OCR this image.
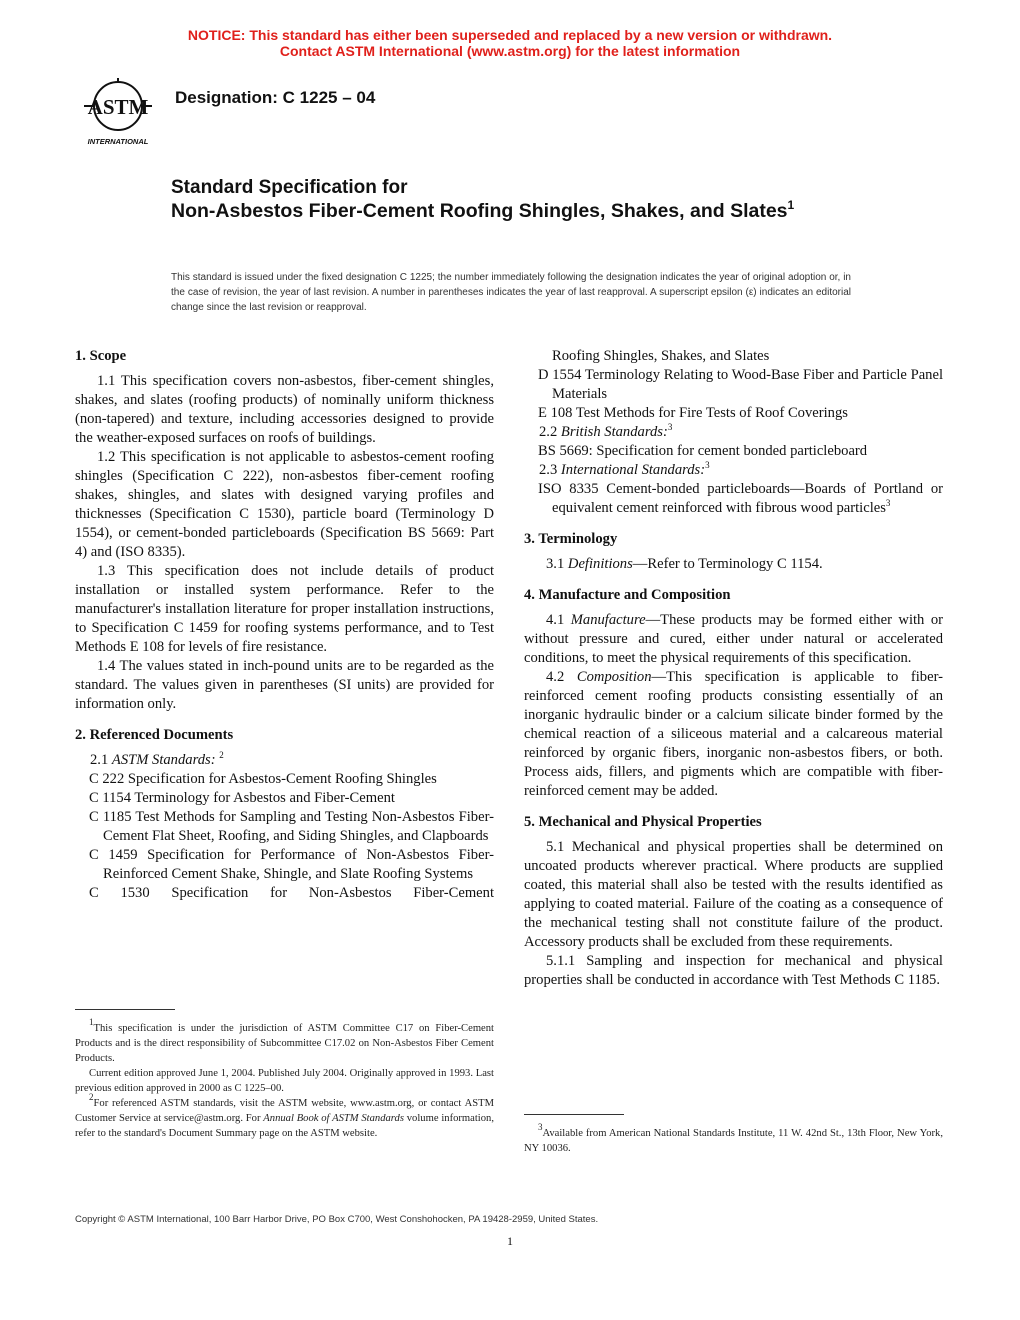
NOTICE: This standard has either been superseded and replaced by a new version or withdrawn.
Contact ASTM International (www.astm.org) for the latest information
ASTM
INTERNATIONAL
Designation: C 1225 – 04
Standard Specification for
Non-Asbestos Fiber-Cement Roofing Shingles, Shakes, and Slates$^1$
This standard is issued under the fixed designation C 1225; the number immediately following the designation indicates the year of original adoption or, in the case of revision, the year of last revision. A number in parentheses indicates the year of last reapproval. A superscript epsilon (ε) indicates an editorial change since the last revision or reapproval.

1. Scope

1.1 This specification covers non-asbestos, fiber-cement shingles, shakes, and slates (roofing products) of nominally uniform thickness (non-tapered) and texture, including accessories designed to provide the weather-exposed surfaces on roofs of buildings.

1.2 This specification is not applicable to asbestos-cement roofing shingles (Specification C 222), non-asbestos fiber-cement roofing shakes, shingles, and slates with designed varying profiles and thicknesses (Specification C 1530), particle board (Terminology D 1554), or cement-bonded particleboards (Specification BS 5669: Part 4) and (ISO 8335).

1.3 This specification does not include details of product installation or installed system performance. Refer to the manufacturer's installation literature for proper installation instructions, to Specification C 1459 for roofing systems performance, and to Test Methods E 108 for levels of fire resistance.

1.4 The values stated in inch-pound units are to be regarded as the standard. The values given in parentheses (SI units) are provided for information only.

2. Referenced Documents

2.1 ASTM Standards: $^2$

C 222 Specification for Asbestos-Cement Roofing Shingles

C 1154 Terminology for Asbestos and Fiber-Cement

C 1185 Test Methods for Sampling and Testing Non-Asbestos Fiber-Cement Flat Sheet, Roofing, and Siding Shingles, and Clapboards

C 1459 Specification for Performance of Non-Asbestos Fiber-Reinforced Cement Shake, Shingle, and Slate Roofing Systems

C 1530 Specification for Non-Asbestos Fiber-Cement

$^1$This specification is under the jurisdiction of ASTM Committee C17 on Fiber-Cement Products and is the direct responsibility of Subcommittee C17.02 on Non-Asbestos Fiber Cement Products.

Current edition approved June 1, 2004. Published July 2004. Originally approved in 1993. Last previous edition approved in 2000 as C 1225–00.

$^2$For referenced ASTM standards, visit the ASTM website, www.astm.org, or contact ASTM Customer Service at service@astm.org. For Annual Book of ASTM Standards volume information, refer to the standard's Document Summary page on the ASTM website.

Roofing Shingles, Shakes, and Slates

D 1554 Terminology Relating to Wood-Base Fiber and Particle Panel Materials

E 108 Test Methods for Fire Tests of Roof Coverings

2.2 British Standards:$^3$

BS 5669: Specification for cement bonded particleboard

2.3 International Standards:$^3$

ISO 8335 Cement-bonded particleboards—Boards of Portland or equivalent cement reinforced with fibrous wood particles$^3$

3. Terminology

3.1 Definitions—Refer to Terminology C 1154.

4. Manufacture and Composition

4.1 Manufacture—These products may be formed either with or without pressure and cured, either under natural or accelerated conditions, to meet the physical requirements of this specification.

4.2 Composition—This specification is applicable to fiber-reinforced cement roofing products consisting essentially of an inorganic hydraulic binder or a calcium silicate binder formed by the chemical reaction of a siliceous material and a calcareous material reinforced by organic fibers, inorganic non-asbestos fibers, or both. Process aids, fillers, and pigments which are compatible with fiber-reinforced cement may be added.

5. Mechanical and Physical Properties

5.1 Mechanical and physical properties shall be determined on uncoated products wherever practical. Where products are supplied coated, this material shall also be tested with the results identified as applying to coated material. Failure of the coating as a consequence of the mechanical testing shall not constitute failure of the product. Accessory products shall be excluded from these requirements.

5.1.1 Sampling and inspection for mechanical and physical properties shall be conducted in accordance with Test Methods C 1185.

$^3$Available from American National Standards Institute, 11 W. 42nd St., 13th Floor, New York, NY 10036.

Copyright © ASTM International, 100 Barr Harbor Drive, PO Box C700, West Conshohocken, PA 19428-2959, United States.
1
